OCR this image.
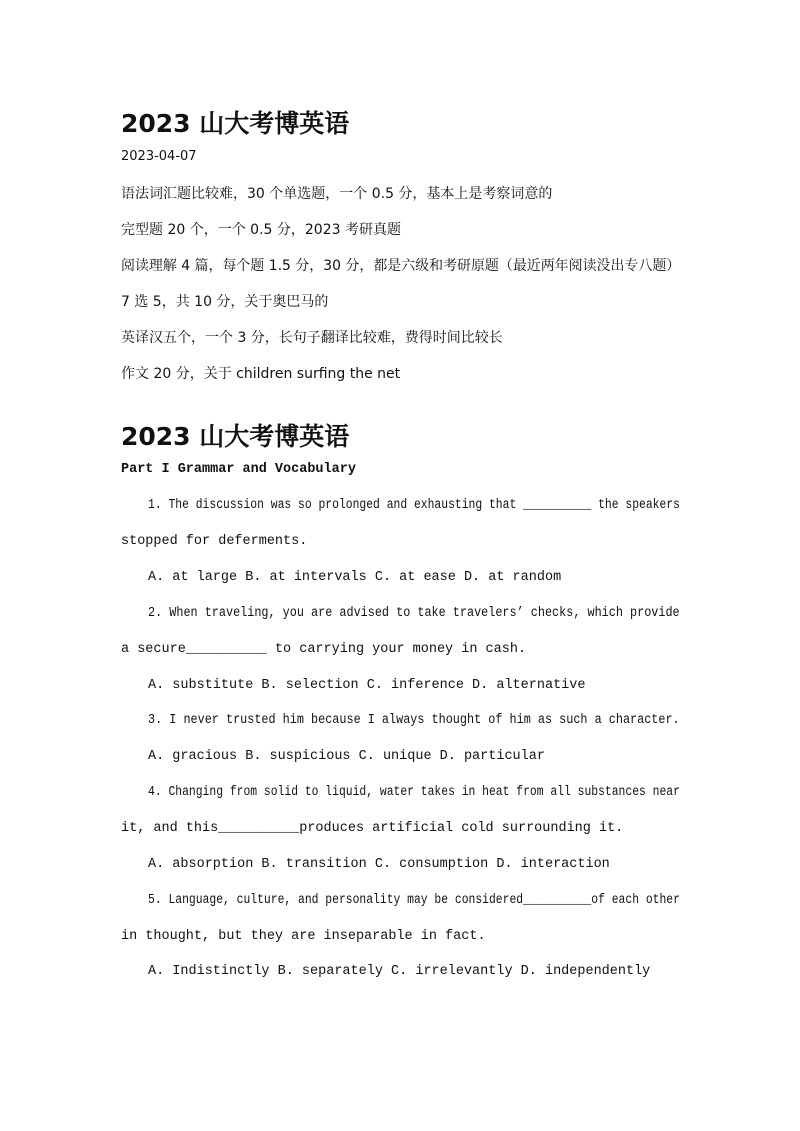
2023 山大考博英语
2023-04-07
语法词汇题比较难，30 个单选题，一个 0.5 分，基本上是考察词意的
完型题 20 个，一个 0.5 分，2023 考研真题
阅读理解 4 篇，每个题 1.5 分，30 分，都是六级和考研原题（最近两年阅读没出专八题）
7 选 5，共 10 分，关于奥巴马的
英译汉五个，一个 3 分，长句子翻译比较难，费得时间比较长
作文 20 分，关于 children surfing the net
2023 山大考博英语
Part I Grammar and Vocabulary
1. The discussion was so prolonged and exhausting that __________ the speakers
stopped for deferments.
A. at large B. at intervals C. at ease D. at random
2. When traveling, you are advised to take travelers’ checks, which provide
a secure__________ to carrying your money in cash.
A. substitute B. selection C. inference D. alternative
3. I never trusted him because I always thought of him as such a character.
A. gracious B. suspicious C. unique D. particular
4. Changing from solid to liquid, water takes in heat from all substances near
it, and this__________produces artificial cold surrounding it.
A. absorption B. transition C. consumption D. interaction
5. Language, culture, and personality may be considered__________of each other
in thought, but they are inseparable in fact.
A. Indistinctly B. separately C. irrelevantly D. independently
